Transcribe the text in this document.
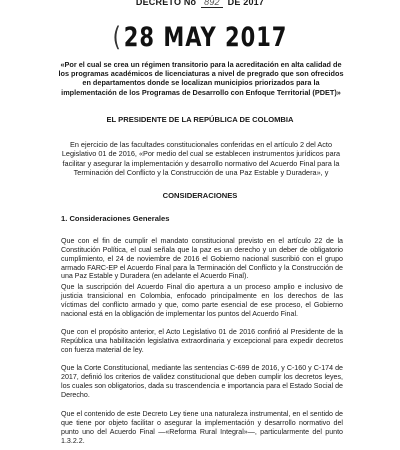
DECRETO No 892 DE 2017
(28 MAY 2017
«Por el cual se crea un régimen transitorio para la acreditación en alta calidad de los programas académicos de licenciaturas a nivel de pregrado que son ofrecidos en departamentos donde se localizan municipios priorizados para la implementación de los Programas de Desarrollo con Enfoque Territorial (PDET)»
EL PRESIDENTE DE LA REPÚBLICA DE COLOMBIA
En ejercicio de las facultades constitucionales conferidas en el artículo 2 del Acto Legislativo 01 de 2016, «Por medio del cual se establecen instrumentos jurídicos para facilitar y asegurar la implementación y desarrollo normativo del Acuerdo Final para la Terminación del Conflicto y la Construcción de una Paz Estable y Duradera», y
CONSIDERACIONES
1. Consideraciones Generales

Que con el fin de cumplir el mandato constitucional previsto en el artículo 22 de la Constitución Política, el cual señala que la paz es un derecho y un deber de obligatorio cumplimiento, el 24 de noviembre de 2016 el Gobierno nacional suscribió con el grupo armado FARC-EP el Acuerdo Final para la Terminación del Conflicto y la Construcción de una Paz Estable y Duradera (en adelante el Acuerdo Final).

Que la suscripción del Acuerdo Final dio apertura a un proceso amplio e inclusivo de justicia transicional en Colombia, enfocado principalmente en los derechos de las víctimas del conflicto armado y que, como parte esencial de ese proceso, el Gobierno nacional está en la obligación de implementar los puntos del Acuerdo Final.

Que con el propósito anterior, el Acto Legislativo 01 de 2016 confirió al Presidente de la República una habilitación legislativa extraordinaria y excepcional para expedir decretos con fuerza material de ley.

Que la Corte Constitucional, mediante las sentencias C-699 de 2016, y C-160 y C-174 de 2017, definió los criterios de validez constitucional que deben cumplir los decretos leyes, los cuales son obligatorios, dada su trascendencia e importancia para el Estado Social de Derecho.

Que el contenido de este Decreto Ley tiene una naturaleza instrumental, en el sentido de que tiene por objeto facilitar o asegurar la implementación y desarrollo normativo del punto uno del Acuerdo Final —«Reforma Rural Integral»—, particularmente del punto 1.3.2.2.
